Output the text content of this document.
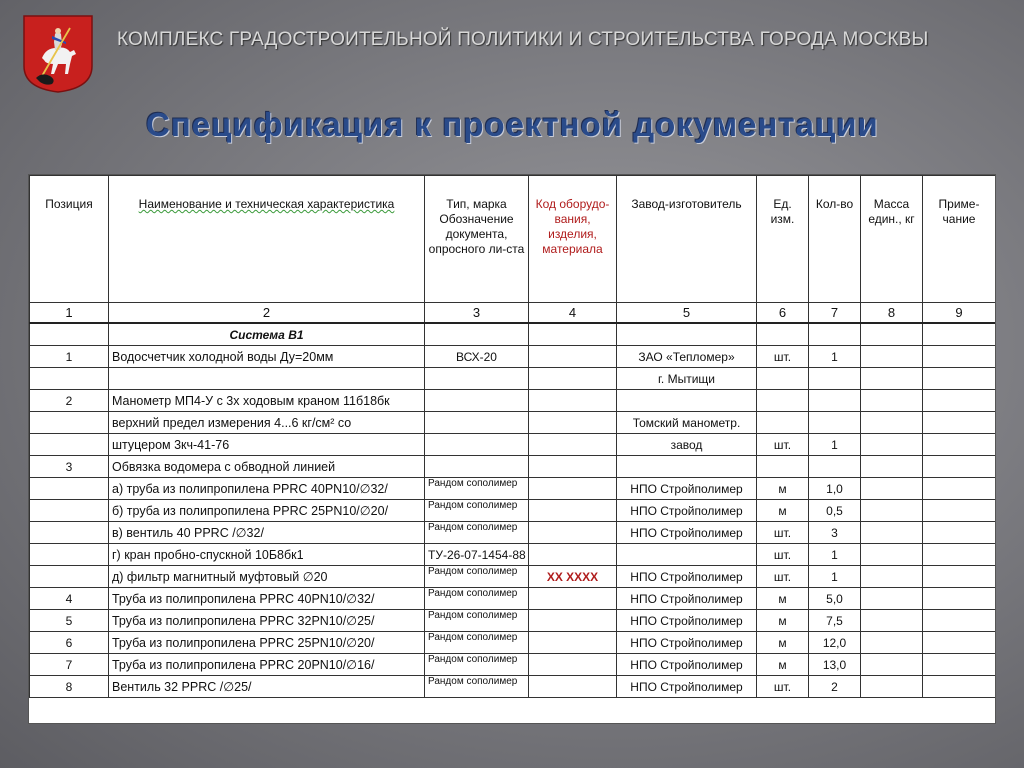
КОМПЛЕКС ГРАДОСТРОИТЕЛЬНОЙ ПОЛИТИКИ И СТРОИТЕЛЬСТВА ГОРОДА МОСКВЫ
Спецификация к проектной документации
Позиция	Наименование и техническая характеристика	Тип, марка Обозначение документа, опросного ли-ста	Код оборудо-вания, изделия, материала	Завод-изготовитель	Ед. изм.	Кол-во	Масса един., кг	Приме-чание
1	2	3	4	5	6	7	8	9
	Система В1							
1	Водосчетчик холодной воды Ду=20мм	ВСХ-20		ЗАО «Тепломер»	шт.	1		
				г. Мытищи				
2	Манометр МП4-У с 3х ходовым краном 11б18бк							
	верхний предел измерения 4...6 кг/см² со			Томский манометр.				
	штуцером 3кч-41-76			завод	шт.	1		
3	Обвязка водомера с обводной линией							
	а) труба из полипропилена PPRC 40PN10/∅32/	Рандом сополимер		НПО Стройполимер	м	1,0		
	б) труба из полипропилена PPRC 25PN10/∅20/	Рандом сополимер		НПО Стройполимер	м	0,5		
	в) вентиль 40 PPRC /∅32/	Рандом сополимер		НПО Стройполимер	шт.	3		
	г) кран пробно-спускной 10Б8бк1	ТУ-26-07-1454-88			шт.	1		
	д) фильтр магнитный муфтовый ∅20	Рандом сополимер	XX XXXX	НПО Стройполимер	шт.	1		
4	Труба из полипропилена PPRC 40PN10/∅32/	Рандом сополимер		НПО Стройполимер	м	5,0		
5	Труба из полипропилена PPRC 32PN10/∅25/	Рандом сополимер		НПО Стройполимер	м	7,5		
6	Труба из полипропилена PPRC 25PN10/∅20/	Рандом сополимер		НПО Стройполимер	м	12,0		
7	Труба из полипропилена PPRC 20PN10/∅16/	Рандом сополимер		НПО Стройполимер	м	13,0		
8	Вентиль 32 PPRC /∅25/	Рандом сополимер		НПО Стройполимер	шт.	2		
